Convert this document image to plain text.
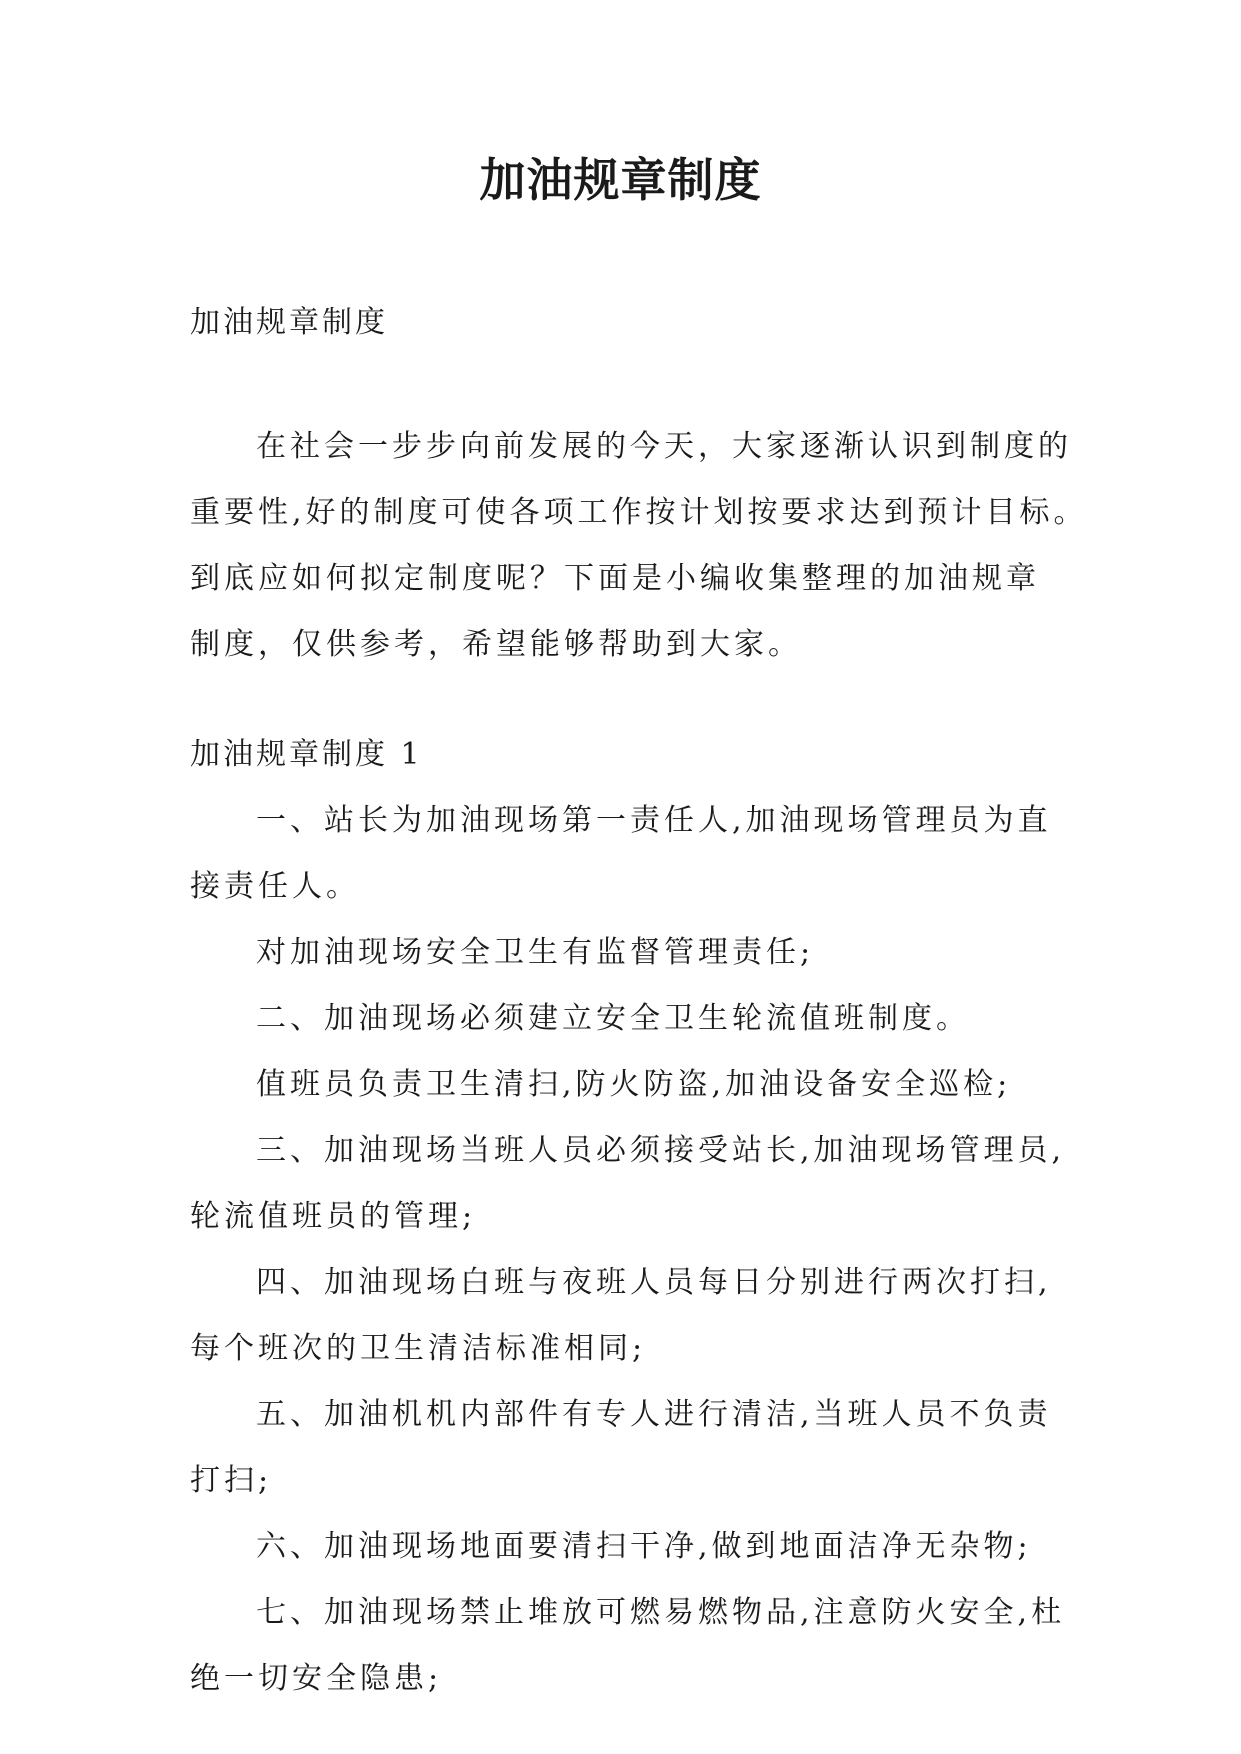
加油规章制度
加油规章制度
在社会一步步向前发展的今天，大家逐渐认识到制度的
重要性,好的制度可使各项工作按计划按要求达到预计目标。
到底应如何拟定制度呢？下面是小编收集整理的加油规章
制度，仅供参考，希望能够帮助到大家。
加油规章制度 1
一、站长为加油现场第一责任人,加油现场管理员为直
接责任人。
对加油现场安全卫生有监督管理责任;
二、加油现场必须建立安全卫生轮流值班制度。
值班员负责卫生清扫,防火防盗,加油设备安全巡检;
三、加油现场当班人员必须接受站长,加油现场管理员,
轮流值班员的管理;
四、加油现场白班与夜班人员每日分别进行两次打扫,
每个班次的卫生清洁标准相同;
五、加油机机内部件有专人进行清洁,当班人员不负责
打扫;
六、加油现场地面要清扫干净,做到地面洁净无杂物;
七、加油现场禁止堆放可燃易燃物品,注意防火安全,杜
绝一切安全隐患;
